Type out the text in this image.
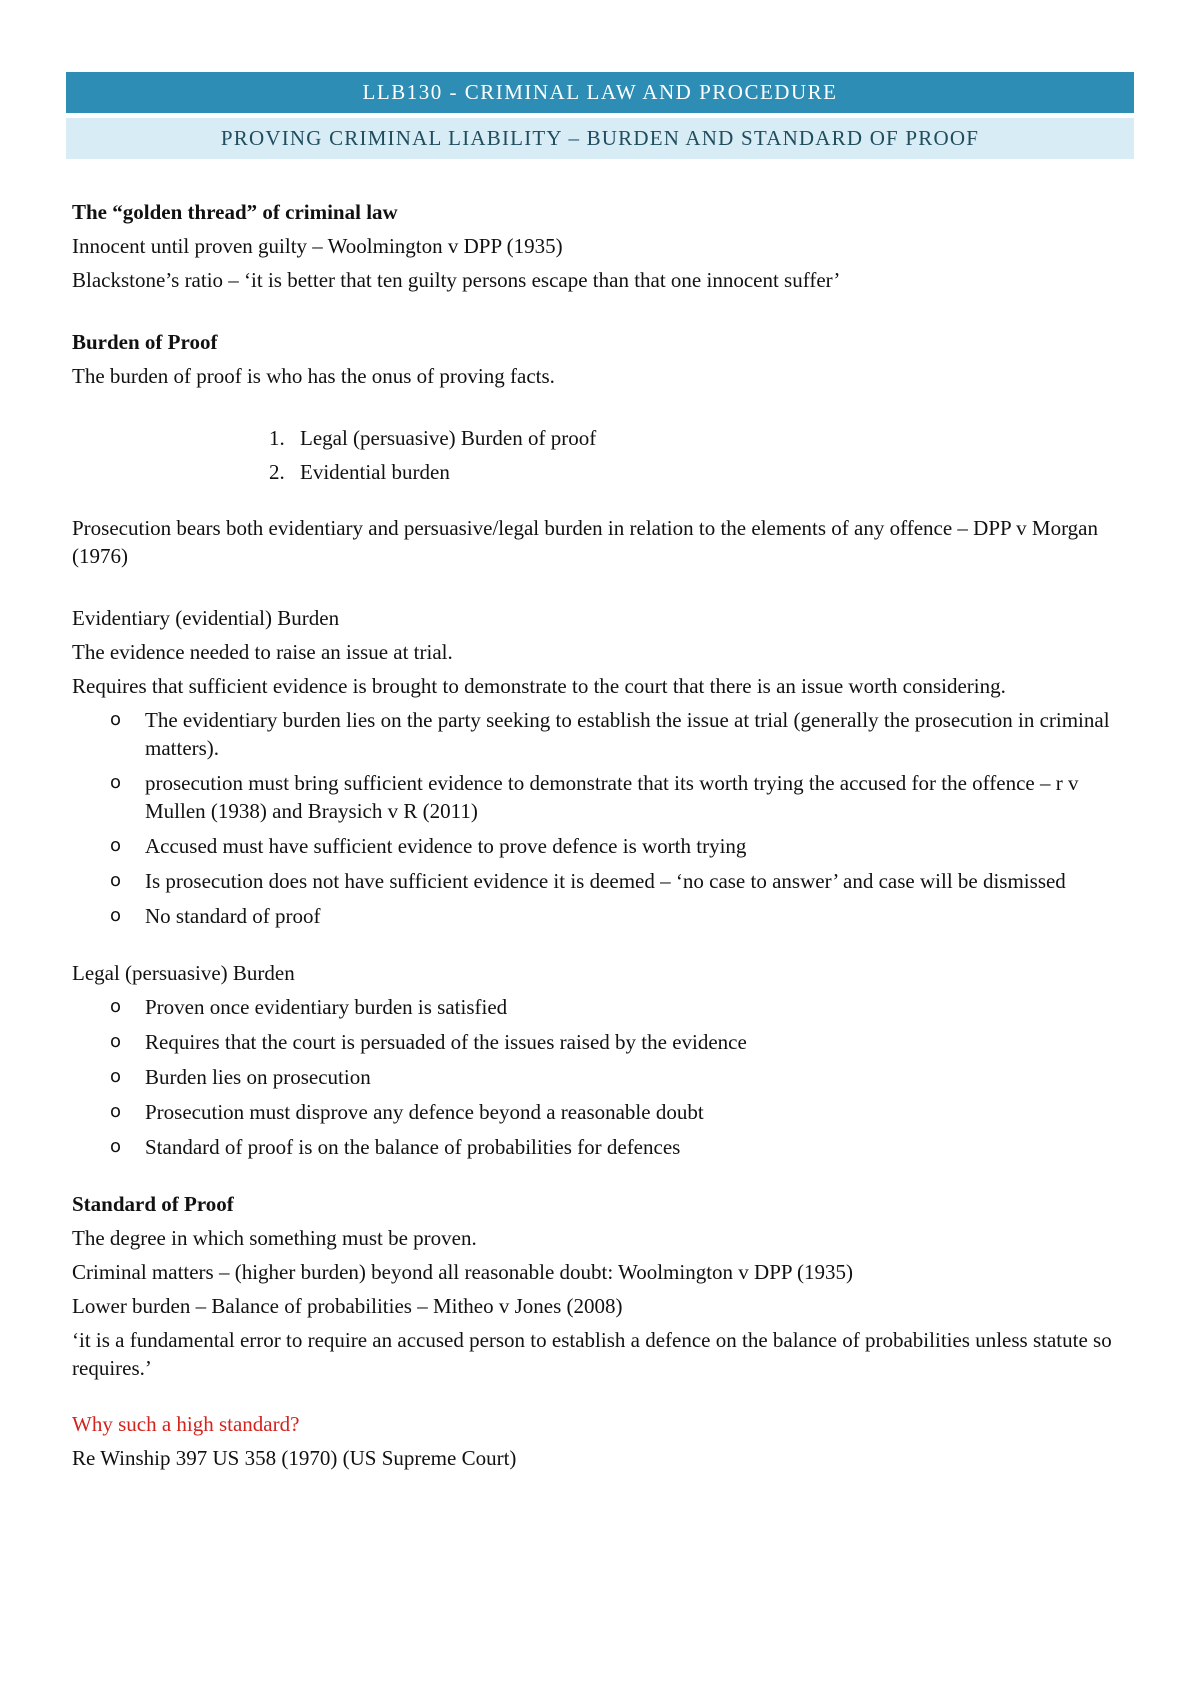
LLB130 - CRIMINAL LAW AND PROCEDURE
PROVING CRIMINAL LIABILITY – BURDEN AND STANDARD OF PROOF
The “golden thread” of criminal law
Innocent until proven guilty – Woolmington v DPP (1935)
Blackstone’s ratio – ‘it is better that ten guilty persons escape than that one innocent suffer’
Burden of Proof
The burden of proof is who has the onus of proving facts.
1. Legal (persuasive) Burden of proof
2. Evidential burden
Prosecution bears both evidentiary and persuasive/legal burden in relation to the elements of any offence – DPP v Morgan (1976)
Evidentiary (evidential) Burden
The evidence needed to raise an issue at trial.
Requires that sufficient evidence is brought to demonstrate to the court that there is an issue worth considering.
o The evidentiary burden lies on the party seeking to establish the issue at trial (generally the prosecution in criminal matters).
o prosecution must bring sufficient evidence to demonstrate that its worth trying the accused for the offence – r v Mullen (1938) and Braysich v R (2011)
o Accused must have sufficient evidence to prove defence is worth trying
o Is prosecution does not have sufficient evidence it is deemed – ‘no case to answer’ and case will be dismissed
o No standard of proof
Legal (persuasive) Burden
o Proven once evidentiary burden is satisfied
o Requires that the court is persuaded of the issues raised by the evidence
o Burden lies on prosecution
o Prosecution must disprove any defence beyond a reasonable doubt
o Standard of proof is on the balance of probabilities for defences
Standard of Proof
The degree in which something must be proven.
Criminal matters – (higher burden) beyond all reasonable doubt: Woolmington v DPP (1935)
Lower burden – Balance of probabilities – Mitheo v Jones (2008)
‘it is a fundamental error to require an accused person to establish a defence on the balance of probabilities unless statute so requires.’
Why such a high standard?
Re Winship 397 US 358 (1970) (US Supreme Court)
